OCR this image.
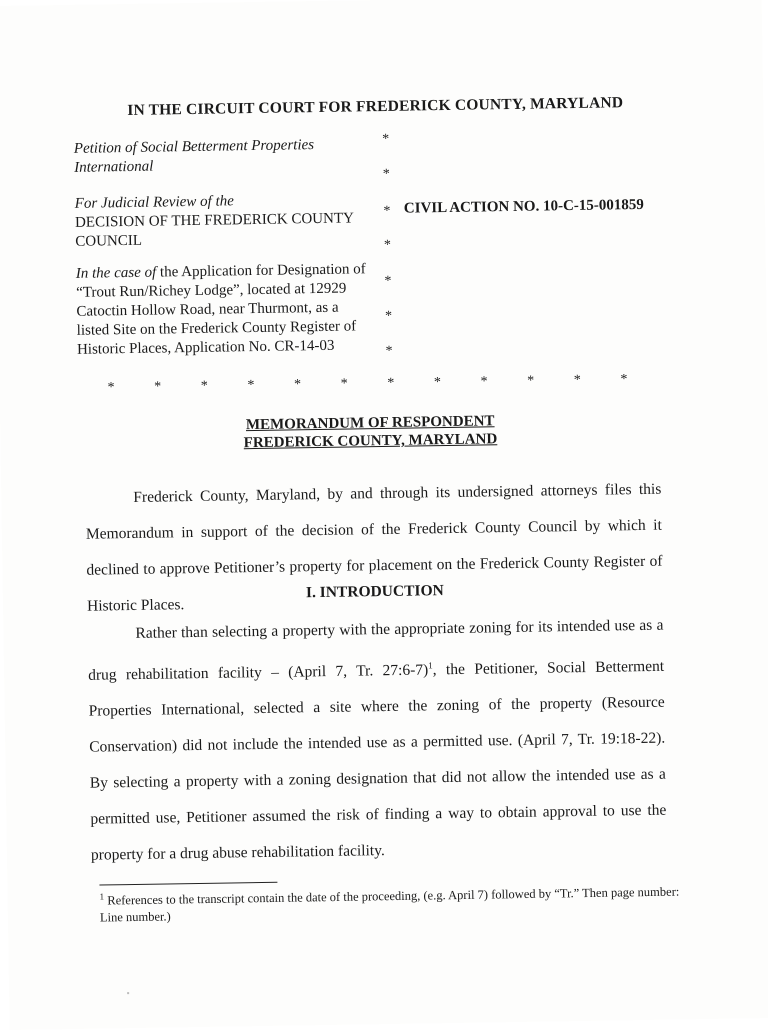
IN THE CIRCUIT COURT FOR FREDERICK COUNTY, MARYLAND
Petition of Social Betterment Properties International
For Judicial Review of the
DECISION OF THE FREDERICK COUNTY COUNCIL
In the case of the Application for Designation of “Trout Run/Richey Lodge”, located at 12929 Catoctin Hollow Road, near Thurmont, as a listed Site on the Frederick County Register of Historic Places, Application No. CR-14-03
*
*
*
*
*
*
*
CIVIL ACTION NO. 10-C-15-001859
*	*	*	*	*	*	*	*	*	*	*	*
MEMORANDUM OF RESPONDENT
FREDERICK COUNTY, MARYLAND

Frederick County, Maryland, by and through its undersigned attorneys files this Memorandum in support of the decision of the Frederick County Council by which it declined to approve Petitioner’s property for placement on the Frederick County Register of Historic Places.

I. INTRODUCTION

Rather than selecting a property with the appropriate zoning for its intended use as a drug rehabilitation facility – (April 7, Tr. 27:6-7)$^1$, the Petitioner, Social Betterment Properties International, selected a site where the zoning of the property (Resource Conservation) did not include the intended use as a permitted use. (April 7, Tr. 19:18-22). By selecting a property with a zoning designation that did not allow the intended use as a permitted use, Petitioner assumed the risk of finding a way to obtain approval to use the property for a drug abuse rehabilitation facility.

$^1$ References to the transcript contain the date of the proceeding, (e.g. April 7) followed by “Tr.” Then page number: Line number.)
